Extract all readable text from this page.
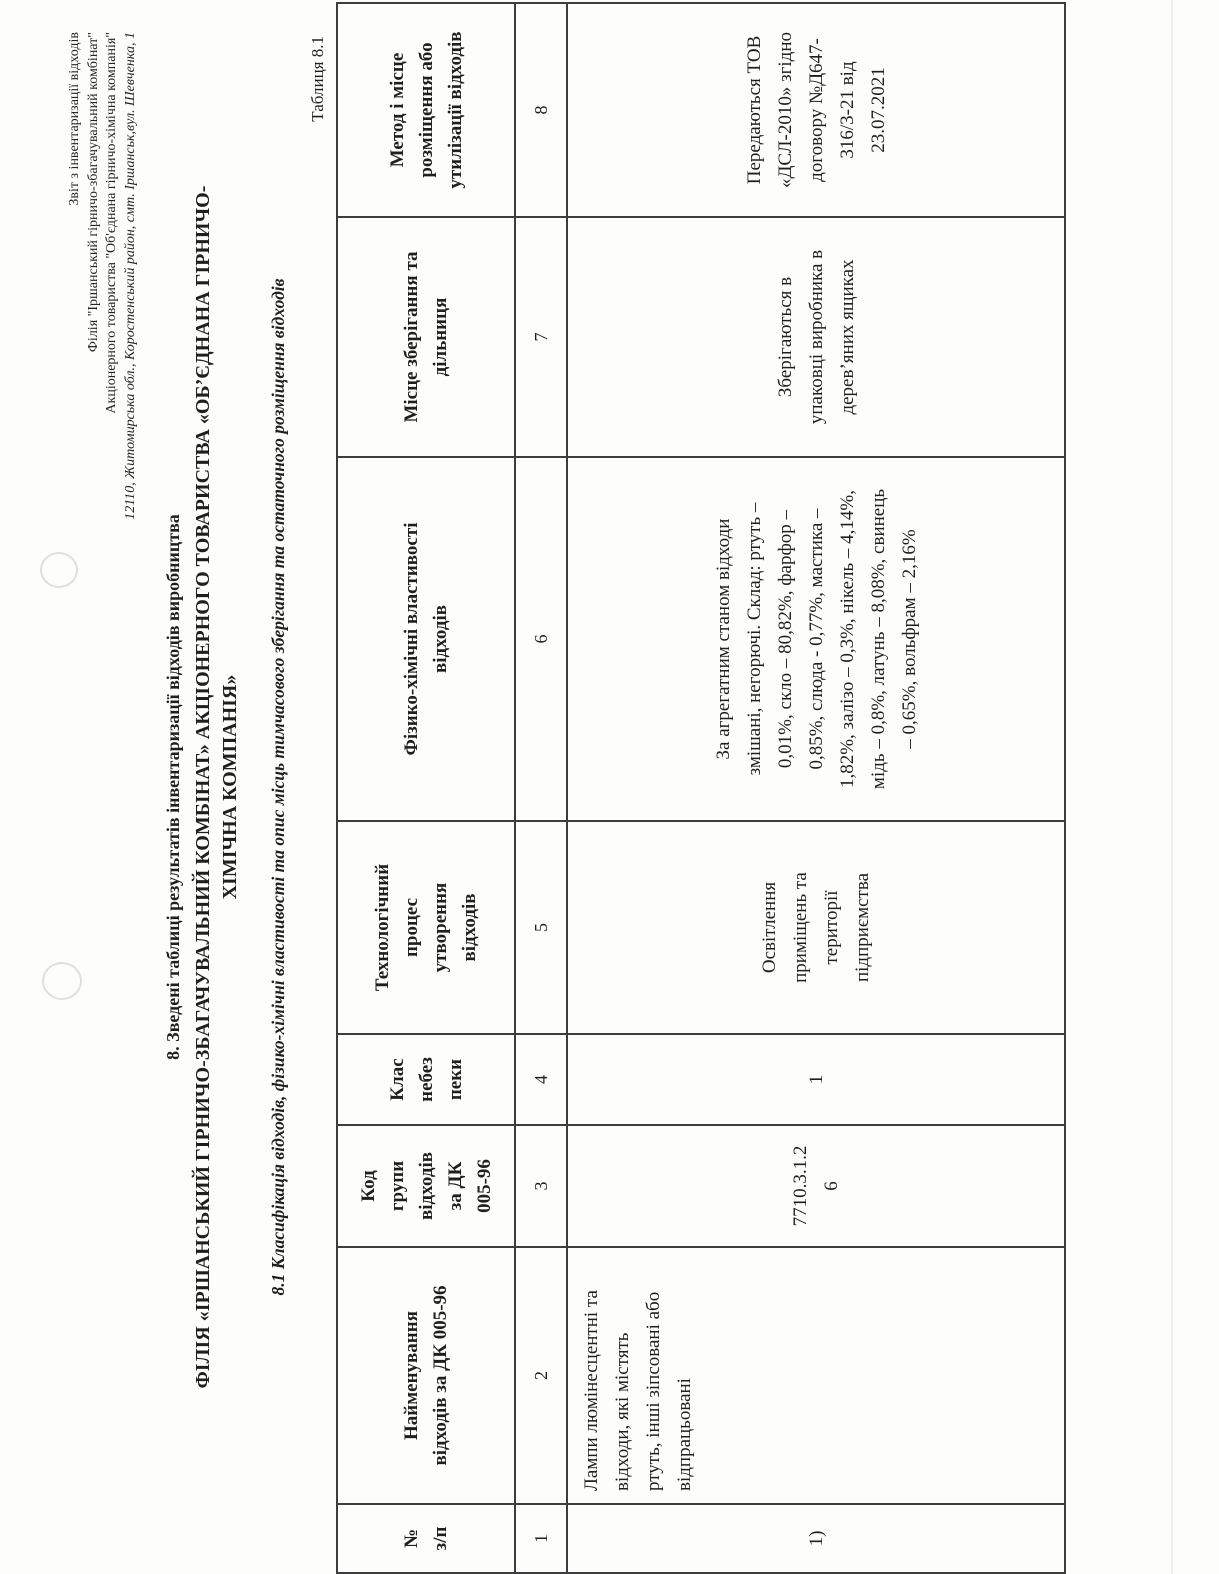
Звіт з інвентаризації відходів Філія "Іршанський гірничо-збагачувальний комбінат" Акціонерного товариства "Об'єднана гірничо-хімічна компанія" 12110, Житомирська обл., Коростенський район, смт. Іршанськ,вул. Шевченка, 1
8. Зведені таблиці результатів інвентаризації відходів виробництва ФІЛІЯ «ІРШАНСЬКИЙ ГІРНИЧО-ЗБАГАЧУВАЛЬНИЙ КОМБІНАТ» АКЦІОНЕРНОГО ТОВАРИСТВА «ОБ’ЄДНАНА ГІРНИЧО- ХІМІЧНА КОМПАНІЯ» 8.1 Класифікація відходів, фізико-хімічні властивості та опис місць тимчасового зберігання та остаточного розміщення відходів
Таблиця 8.1
№ з/п
Найменування відходів за ДК 005-96
Код групи відходів за ДК 005-96
Клас небез пеки
Технологічний процес утворення відходів
Фізико-хімічні властивості відходів
Місце зберігання та дільниця
Метод і місце розміщення або утилізації відходів
1
2
3
4
5
6
7
8
1)
Лампи люмінесцентні та відходи, які містять ртуть, інші зіпсовані або відпрацьовані
7710.3.1.26
1
Освітлення приміщень та території підприємства
За агрегатним станом відходи змішані, негорючі. Склад: ртуть – 0,01%, скло – 80,82%, фарфор – 0,85%, слюда - 0,77%, мастика – 1,82%, залізо – 0,3%, нікель – 4,14%, мідь – 0,8%, латунь – 8,08%, свинець – 0,65%, вольфрам – 2,16%
Зберігаються в упаковці виробника в дерев’яних ящиках
Передаються ТОВ «ДСЛ-2010» згідно договору №Д647-316/3-21 від 23.07.2021
